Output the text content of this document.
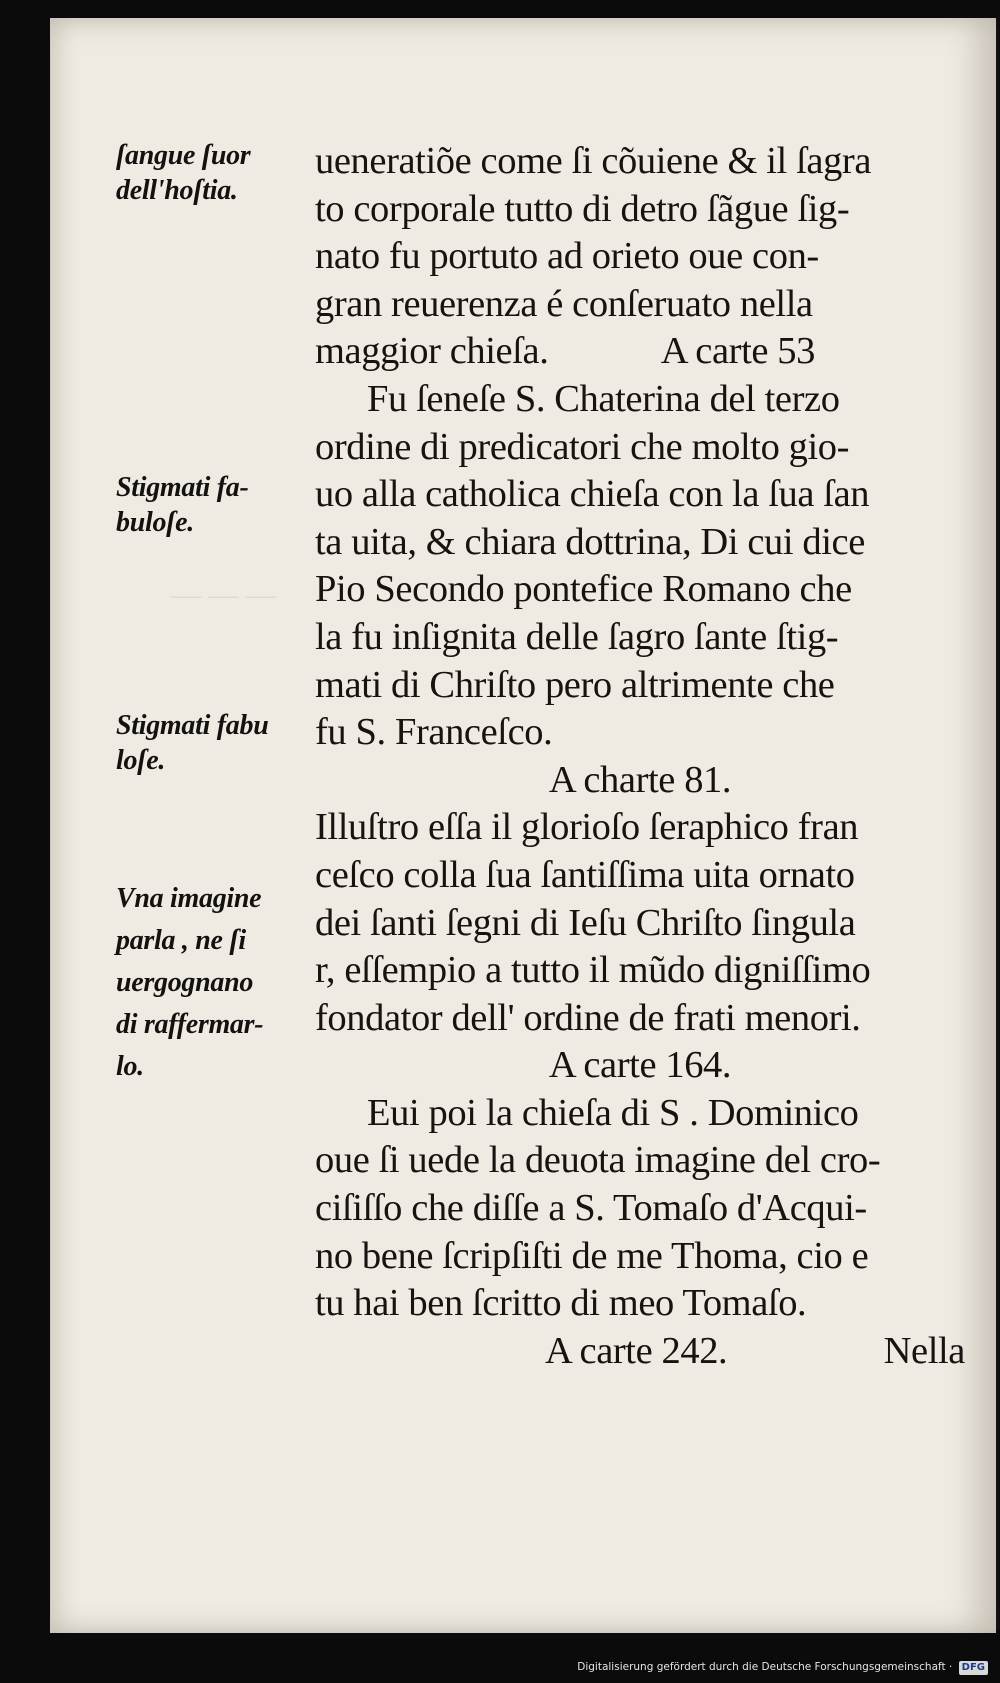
— — —
ſangue ſuor
dell'hoſtia.
Stigmati fa-
buloſe.
Stigmati fabu
loſe.
Vna imagine
parla , ne ſi
uergognano
di raffermar-
lo.
ueneratiõe come ſi cõuiene & il ſagra
to corporale tutto di detro ſãgue ſig-
nato fu portuto ad orieto oue con-
gran reuerenza é conſeruato nella
maggior chieſa.	A carte 53
Fu ſeneſe S. Chaterina del terzo
ordine di predicatori che molto gio-
uo alla catholica chieſa con la ſua ſan
ta uita, & chiara dottrina, Di cui dice
Pio Secondo pontefice Romano che
la fu inſignita delle ſagro ſante ſtig-
mati di Chriſto pero altrimente che
fu S. Franceſco.
A charte 81.
Illuſtro eſſa il glorioſo ſeraphico fran
ceſco colla ſua ſantiſſima uita ornato
dei ſanti ſegni di Ieſu Chriſto ſingula
r, eſſempio a tutto il mũdo digniſſimo
fondator dell' ordine de frati menori.
A carte 164.
Eui poi la chieſa di S . Dominico
oue ſi uede la deuota imagine del cro-
ciſiſſo che diſſe a S. Tomaſo d'Acqui-
no bene ſcripſiſti de me Thoma, cio e
tu hai ben ſcritto di meo Tomaſo.
A carte 242.	Nella
Digitalisierung gefördert durch die Deutsche Forschungsgemeinschaft · DFG
